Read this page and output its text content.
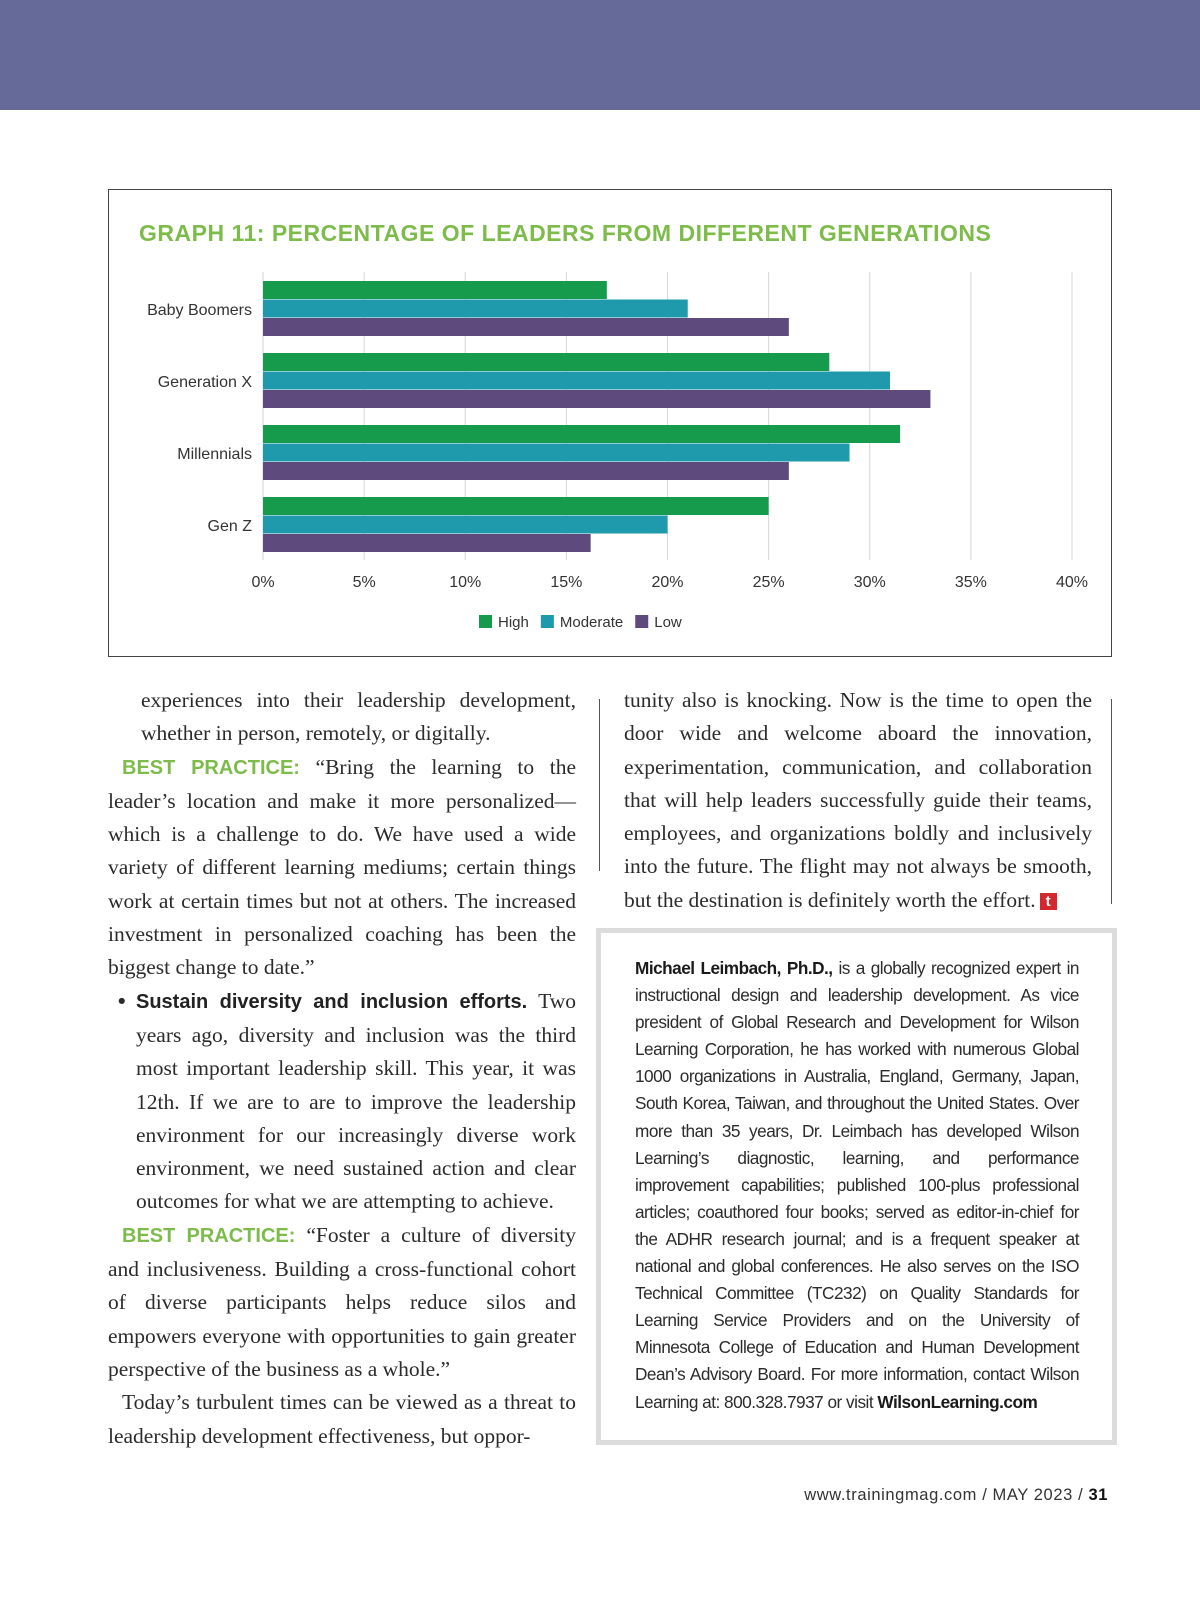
GRAPH 11: PERCENTAGE OF LEADERS FROM DIFFERENT GENERATIONS
0%	5%	10%	15%	20%	25%	30%	35%	40%
Baby Boomers
Generation X
Millennials
Gen Z
High Moderate Low

experiences into their leadership development, whether in person, remotely, or digitally.

BEST PRACTICE: “Bring the learning to the leader’s location and make it more personalized—which is a challenge to do. We have used a wide variety of different learning mediums; certain things work at certain times but not at others. The increased investment in personalized coaching has been the biggest change to date.”

• Sustain diversity and inclusion efforts. Two years ago, diversity and inclusion was the third most important leadership skill. This year, it was 12th. If we are to are to improve the leadership environment for our increasingly diverse work environment, we need sustained action and clear outcomes for what we are attempting to achieve.

BEST PRACTICE: “Foster a culture of diversity and inclusiveness. Building a cross-functional cohort of diverse participants helps reduce silos and empowers everyone with opportunities to gain greater perspective of the business as a whole.”

Today’s turbulent times can be viewed as a threat to leadership development effectiveness, but oppor-

tunity also is knocking. Now is the time to open the door wide and welcome aboard the innovation, experimentation, communication, and collaboration that will help leaders successfully guide their teams, employees, and organizations boldly and inclusively into the future. The flight may not always be smooth, but the destination is definitely worth the effort. t

Michael Leimbach, Ph.D., is a globally recognized expert in instructional design and leadership development. As vice president of Global Research and Development for Wilson Learning Corporation, he has worked with numerous Global 1000 organizations in Australia, England, Germany, Japan, South Korea, Taiwan, and throughout the United States. Over more than 35 years, Dr. Leimbach has developed Wilson Learning’s diagnostic, learning, and performance improvement capabilities; published 100-plus professional articles; coauthored four books; served as editor-in-chief for the ADHR research journal; and is a frequent speaker at national and global conferences. He also serves on the ISO Technical Committee (TC232) on Quality Standards for Learning Service Providers and on the University of Minnesota College of Education and Human Development Dean’s Advisory Board. For more information, contact Wilson Learning at: 800.328.7937 or visit WilsonLearning.com
www.trainingmag.com / MAY 2023 / 31
